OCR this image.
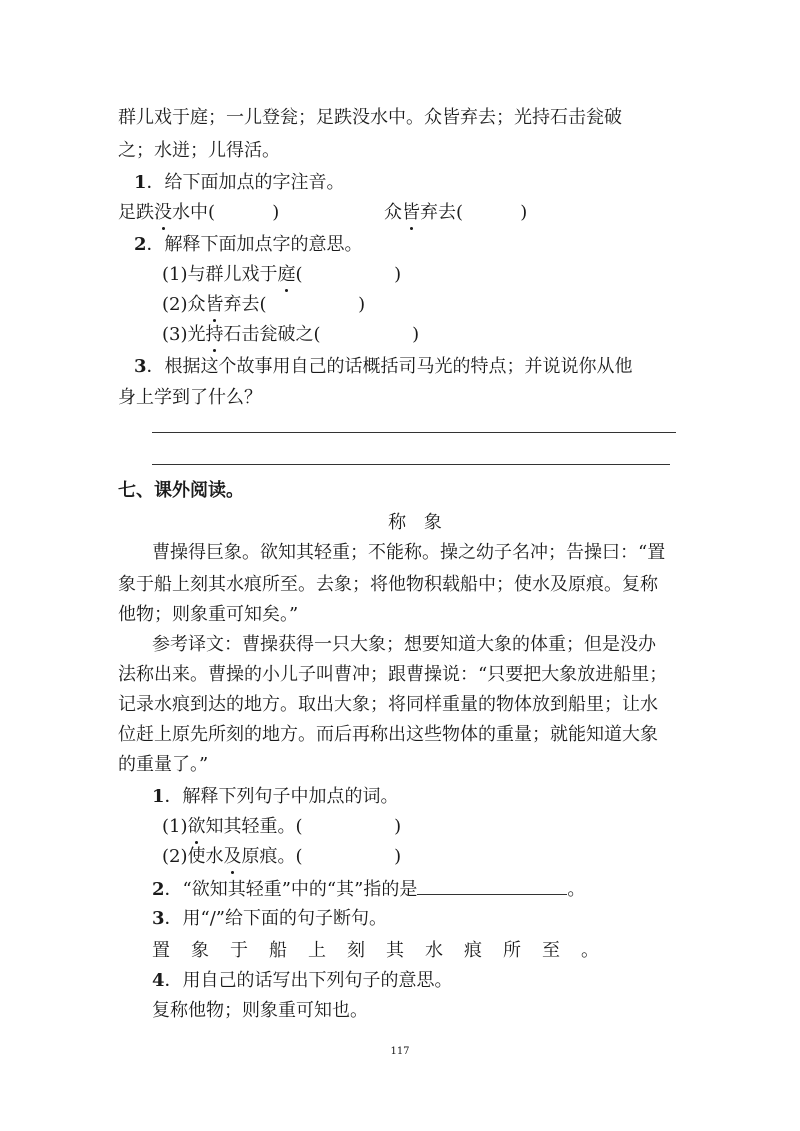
群儿戏于庭；一儿登瓮；足跌没水中。众皆弃去；光持石击瓮破
之；水迸；儿得活。
1．给下面加点的字注音。
足跌没水中(          )	众皆弃去(          )
2．解释下面加点字的意思。
(1)与群儿戏于庭(                )
(2)众皆弃去(                )
(3)光持石击瓮破之(                )
3．根据这个故事用自己的话概括司马光的特点；并说说你从他
身上学到了什么？
七、课外阅读。
称 象
曹操得巨象。欲知其轻重；不能称。操之幼子名冲；告操曰：“置
象于船上刻其水痕所至。去象；将他物积载船中；使水及原痕。复称
他物；则象重可知矣。”
参考译文：曹操获得一只大象；想要知道大象的体重；但是没办
法称出来。曹操的小儿子叫曹冲；跟曹操说：“只要把大象放进船里；
记录水痕到达的地方。取出大象；将同样重量的物体放到船里；让水
位赶上原先所刻的地方。而后再称出这些物体的重量；就能知道大象
的重量了。”
1．解释下列句子中加点的词。
(1)欲知其轻重。(                )
(2)使水及原痕。(                )
2．“欲知其轻重”中的“其”指的是	。
3．用“/”给下面的句子断句。
置象于船上刻其水痕所至。
4．用自己的话写出下列句子的意思。
复称他物；则象重可知也。
117
